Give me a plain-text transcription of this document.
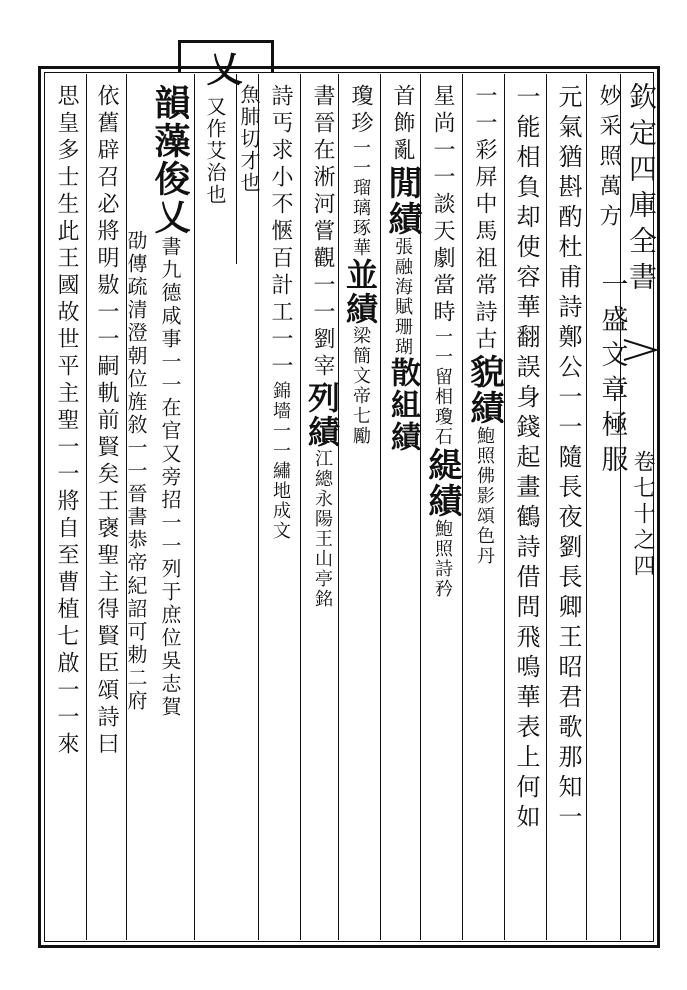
欽定四庫全書
卷七十之四
妙采照萬方
一盛文章極服
元氣猶斟酌杜甫詩鄭公一一隨長夜劉長卿王昭君歌那知一
一能相負却使容華翻誤身錢起畫鶴詩借問飛鳴華表上何如
一一彩屏中馬祖常詩古
貌績
鮑照佛影頌色丹
星尚一一談天劇當時
一一留相瓊石
緹績
鮑照詩矜
首飾亂
閒績
張融海賦珊瑚
散組績
瓊珍
一一瑠璃琢華
並績
梁簡文帝七勵
書晉在淅河嘗觀一一劉宰
列績
江總永陽王山亭銘
詩丐求小不愜百計工一一
錦墻一一繡地成文
魚肺切才也
又作艾治也
乂
韻藻俊乂
書九德咸事一一在官又旁招一一列于庶位吳志賀
劭傳疏清澄朝位旌敘一一晉書恭帝紀詔可勅二府
依舊辟召必將明敭一一嗣軌前賢矣王襃聖主得賢臣頌詩曰
思皇多士生此王國故世平主聖一一將自至曹植七啟一一來
